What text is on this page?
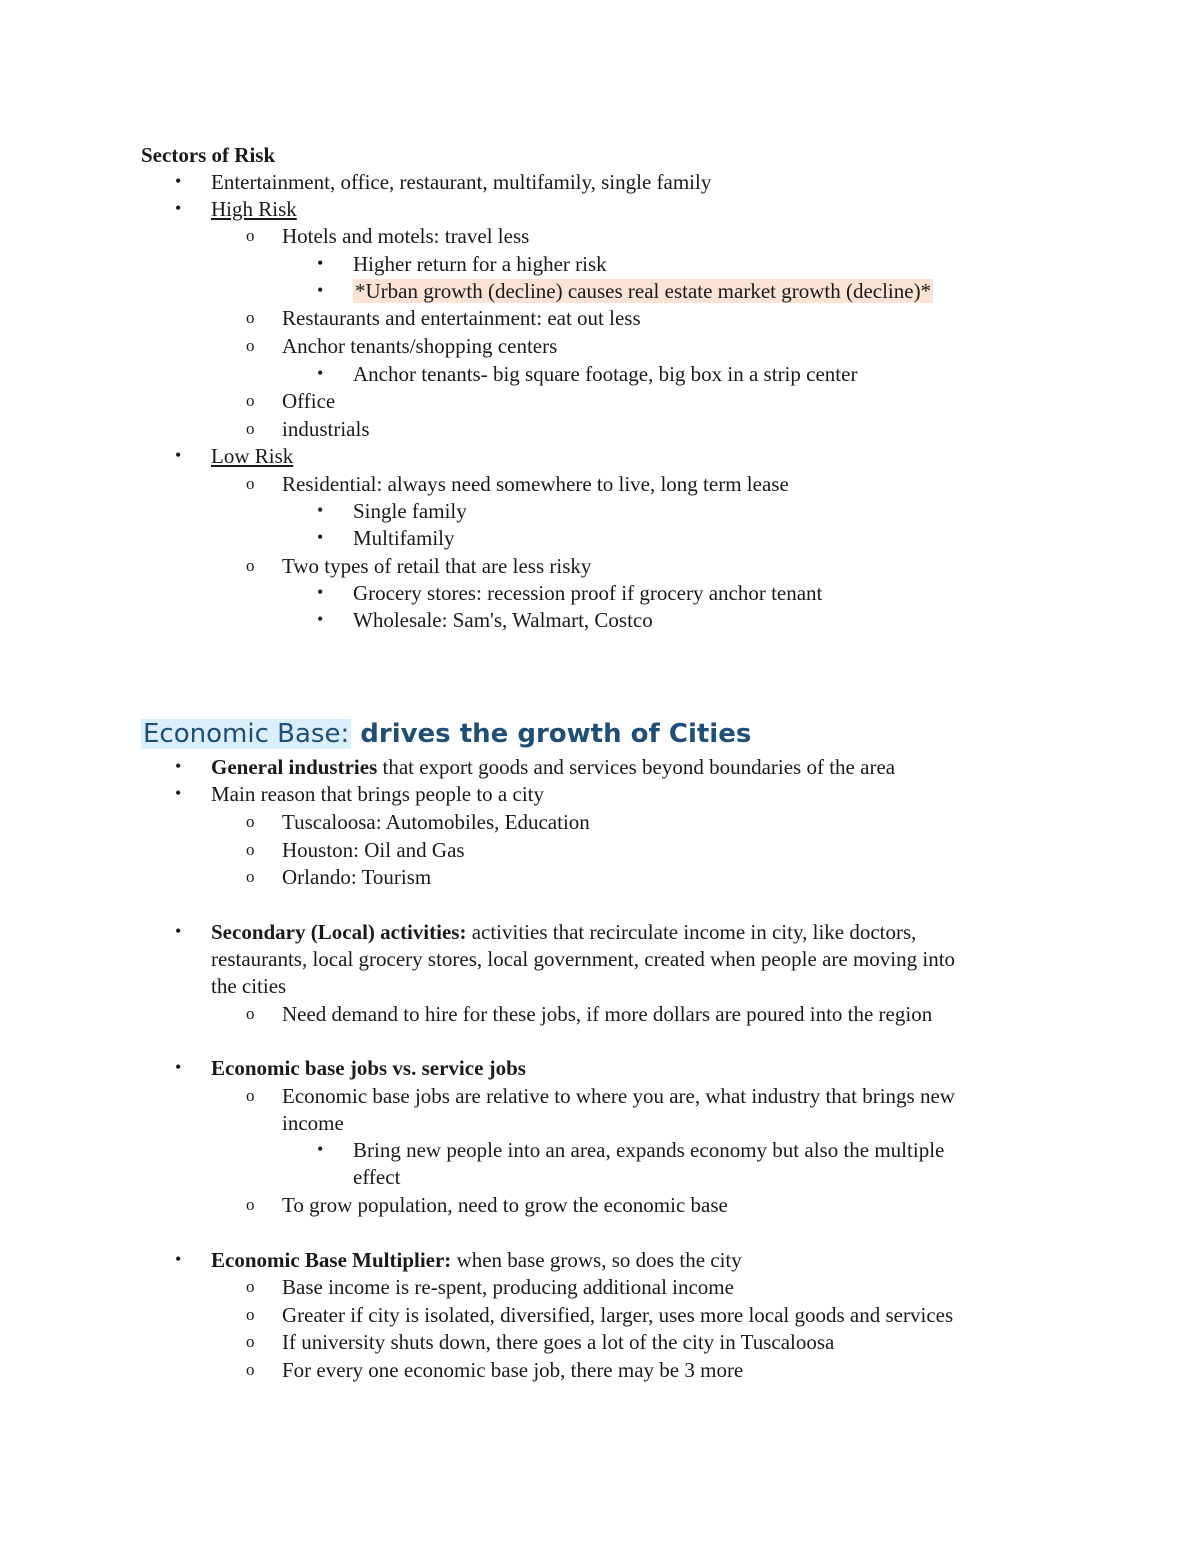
Sectors of Risk
• Entertainment, office, restaurant, multifamily, single family
• High Risk
o Hotels and motels: travel less
• Higher return for a higher risk
• *Urban growth (decline) causes real estate market growth (decline)*
o Restaurants and entertainment: eat out less
o Anchor tenants/shopping centers
• Anchor tenants- big square footage, big box in a strip center
o Office
o industrials
• Low Risk
o Residential: always need somewhere to live, long term lease
• Single family
• Multifamily
o Two types of retail that are less risky
• Grocery stores: recession proof if grocery anchor tenant
• Wholesale: Sam's, Walmart, Costco
Economic Base: drives the growth of Cities
• General industries that export goods and services beyond boundaries of the area
• Main reason that brings people to a city
o Tuscaloosa: Automobiles, Education
o Houston: Oil and Gas
o Orlando: Tourism
• Secondary (Local) activities: activities that recirculate income in city, like doctors,
restaurants, local grocery stores, local government, created when people are moving into
the cities
o Need demand to hire for these jobs, if more dollars are poured into the region
• Economic base jobs vs. service jobs
o Economic base jobs are relative to where you are, what industry that brings new
income
• Bring new people into an area, expands economy but also the multiple
effect
o To grow population, need to grow the economic base
• Economic Base Multiplier: when base grows, so does the city
o Base income is re-spent, producing additional income
o Greater if city is isolated, diversified, larger, uses more local goods and services
o If university shuts down, there goes a lot of the city in Tuscaloosa
o For every one economic base job, there may be 3 more
